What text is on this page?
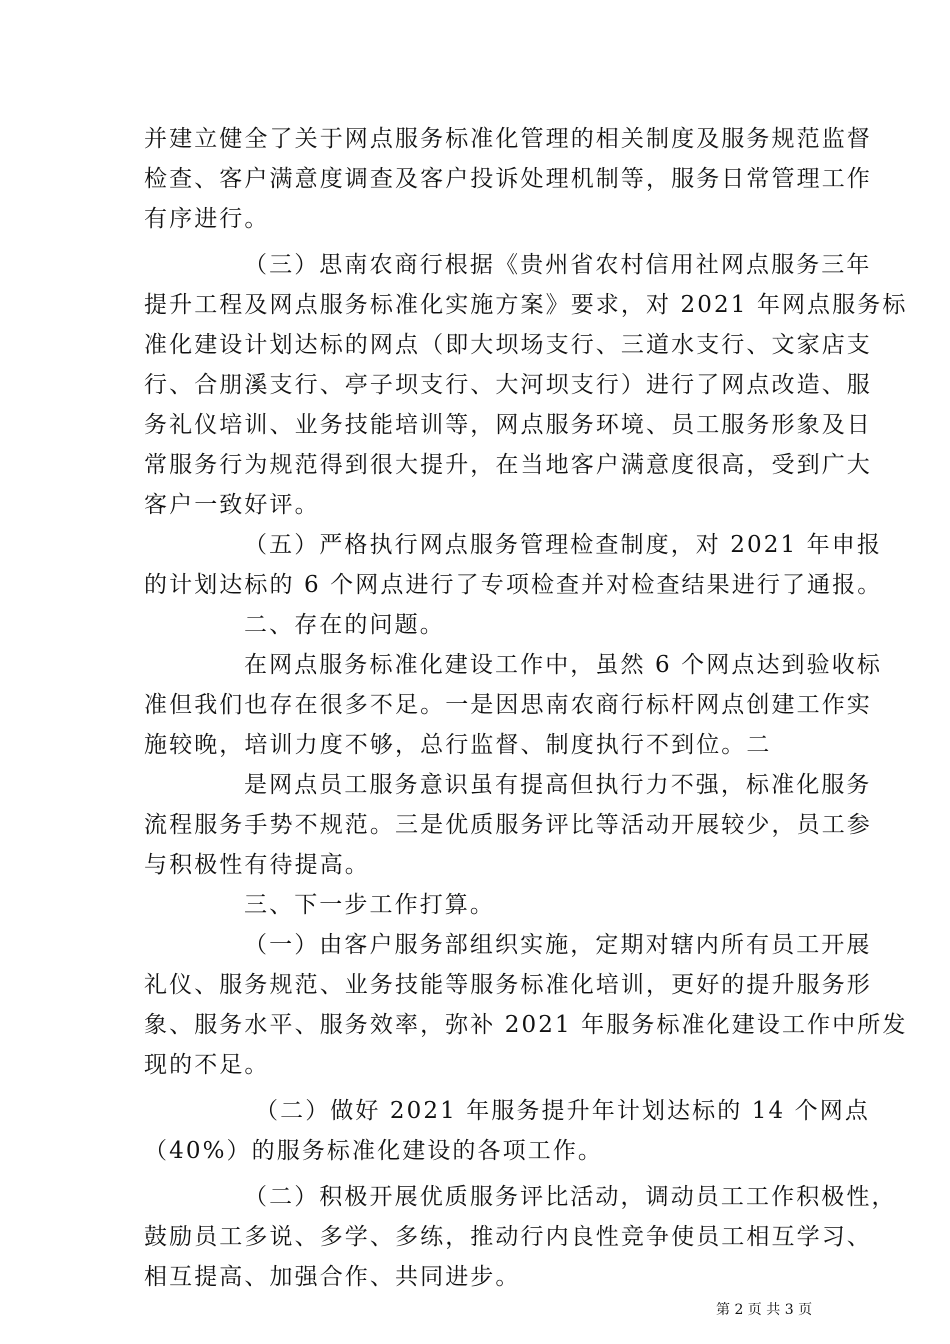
并建立健全了关于网点服务标准化管理的相关制度及服务规范监督
检查、客户满意度调查及客户投诉处理机制等，服务日常管理工作
有序进行。
（三）思南农商行根据《贵州省农村信用社网点服务三年
提升工程及网点服务标准化实施方案》要求，对 2021 年网点服务标
准化建设计划达标的网点（即大坝场支行、三道水支行、文家店支
行、合朋溪支行、亭子坝支行、大河坝支行）进行了网点改造、服
务礼仪培训、业务技能培训等，网点服务环境、员工服务形象及日
常服务行为规范得到很大提升，在当地客户满意度很高，受到广大
客户一致好评。
（五）严格执行网点服务管理检查制度，对 2021 年申报
的计划达标的 6 个网点进行了专项检查并对检查结果进行了通报。
二、存在的问题。
在网点服务标准化建设工作中，虽然 6 个网点达到验收标
准但我们也存在很多不足。一是因思南农商行标杆网点创建工作实
施较晚，培训力度不够，总行监督、制度执行不到位。二
是网点员工服务意识虽有提高但执行力不强，标准化服务
流程服务手势不规范。三是优质服务评比等活动开展较少，员工参
与积极性有待提高。
三、下一步工作打算。
（一）由客户服务部组织实施，定期对辖内所有员工开展
礼仪、服务规范、业务技能等服务标准化培训，更好的提升服务形
象、服务水平、服务效率，弥补 2021 年服务标准化建设工作中所发
现的不足。
（二）做好 2021 年服务提升年计划达标的 14 个网点
（40%）的服务标准化建设的各项工作。
（二）积极开展优质服务评比活动，调动员工工作积极性，
鼓励员工多说、多学、多练，推动行内良性竞争使员工相互学习、
相互提高、加强合作、共同进步。
第 2 页 共 3 页
